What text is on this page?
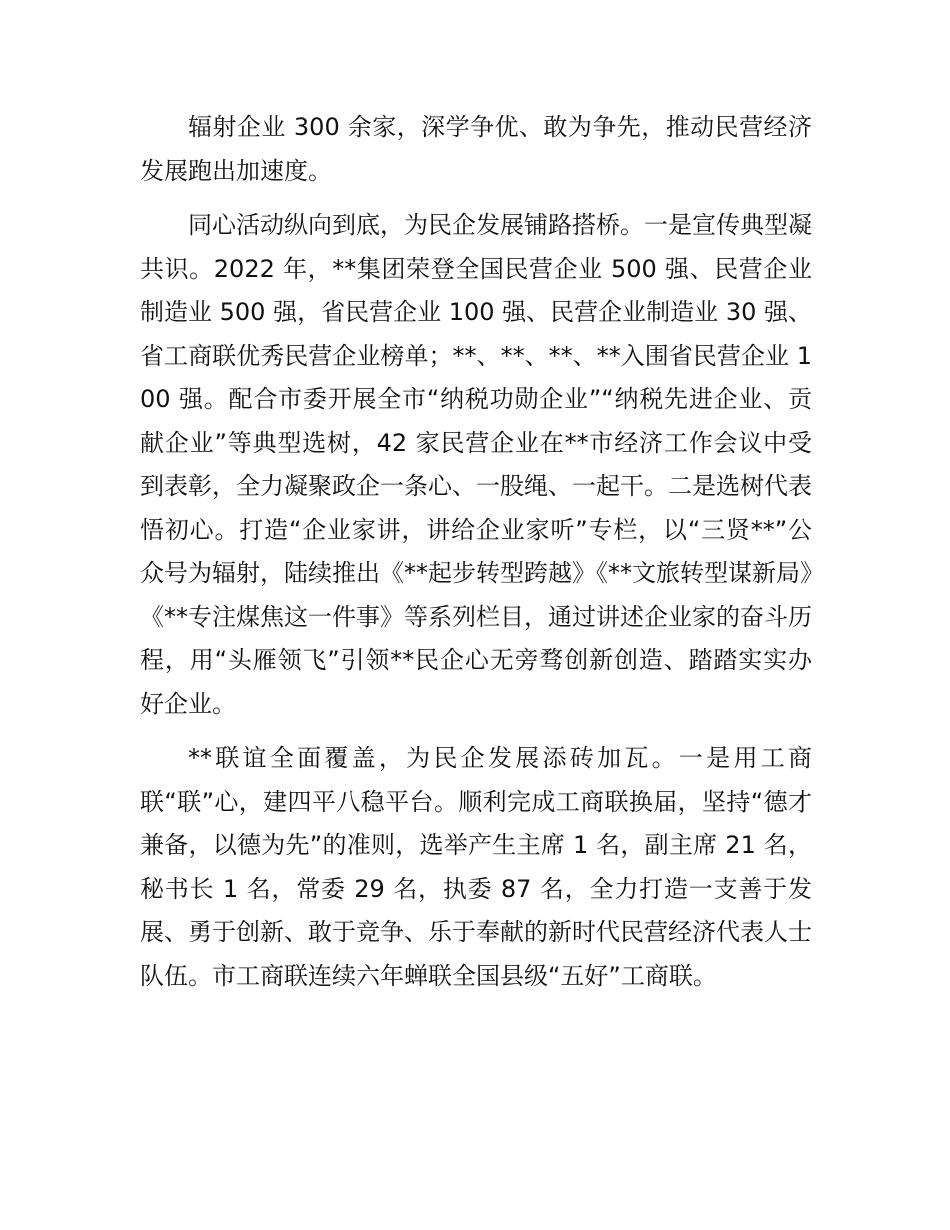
辐射企业 300 余家，深学争优、敢为争先，推动民营经济发展跑出加速度。

同心活动纵向到底，为民企发展铺路搭桥。一是宣传典型凝共识。2022 年，**集团荣登全国民营企业 500 强、民营企业制造业 500 强，省民营企业 100 强、民营企业制造业 30 强、省工商联优秀民营企业榜单；**、**、**、**入围省民营企业 100 强。配合市委开展全市“纳税功勋企业”“纳税先进企业、贡献企业”等典型选树，42 家民营企业在**市经济工作会议中受到表彰，全力凝聚政企一条心、一股绳、一起干。二是选树代表悟初心。打造“企业家讲，讲给企业家听”专栏，以“三贤**”公众号为辐射，陆续推出《**起步转型跨越》《**文旅转型谋新局》《**专注煤焦这一件事》等系列栏目，通过讲述企业家的奋斗历程，用“头雁领飞”引领**民企心无旁骛创新创造、踏踏实实办好企业。

**联谊全面覆盖，为民企发展添砖加瓦。一是用工商联“联”心，建四平八稳平台。顺利完成工商联换届，坚持“德才兼备，以德为先”的准则，选举产生主席 1 名，副主席 21 名，秘书长 1 名，常委 29 名，执委 87 名，全力打造一支善于发展、勇于创新、敢于竞争、乐于奉献的新时代民营经济代表人士队伍。市工商联连续六年蝉联全国县级“五好”工商联。
